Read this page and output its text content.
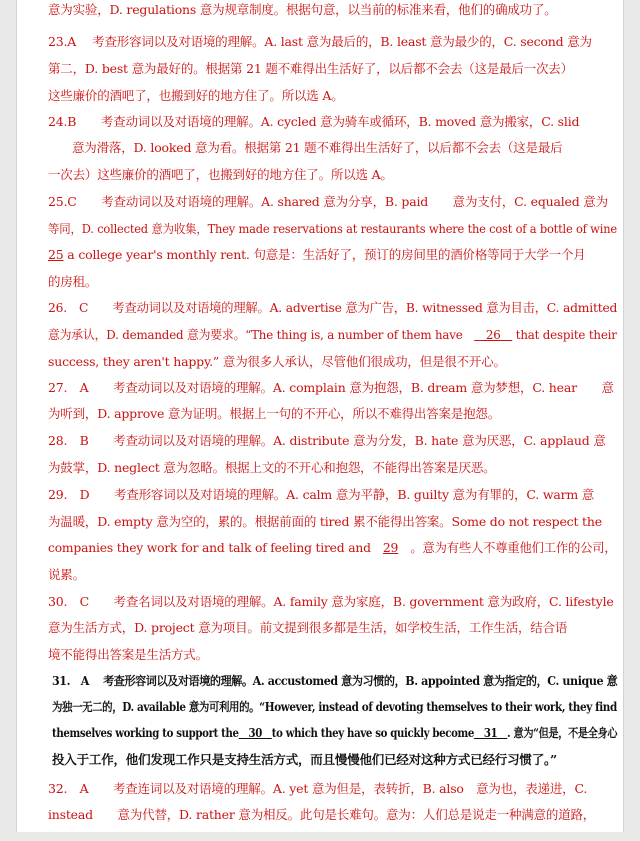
意为实验，D. regulations 意为规章制度。根据句意，以当前的标准来看，他们的确成功了。
23.A　 考查形容词以及对语境的理解。A. last 意为最后的，B. least 意为最少的，C. second 意为
第二，D. best 意为最好的。根据第 21 题不难得出生活好了，以后都不会去（这是最后一次去）
这些廉价的酒吧了，也搬到好的地方住了。所以选 A。
24.B　　考查动词以及对语境的理解。A. cycled 意为骑车或循环，B. moved 意为搬家，C. slid
意为滑落，D. looked 意为看。根据第 21 题不难得出生活好了，以后都不会去（这是最后
一次去）这些廉价的酒吧了，也搬到好的地方住了。所以选 A。
25.C　　考查动词以及对语境的理解。A. shared 意为分享，B. paid　　意为支付，C. equaled 意为
等同，D. collected 意为收集，They made reservations at restaurants where the cost of a bottle of wine
25 a college year's monthly rent. 句意是：生活好了，预订的房间里的酒价格等同于大学一个月
的房租。
26.　C　　考查动词以及对语境的理解。A. advertise 意为广告，B. witnessed 意为目击，C. admitted
意为承认，D. demanded 意为要求。“The thing is, a number of them have　　26　 that despite their
success, they aren't happy.” 意为很多人承认，尽管他们很成功，但是很不开心。
27.　A　　考查动词以及对语境的理解。A. complain 意为抱怨，B. dream 意为梦想，C. hear　　意
为听到，D. approve 意为证明。根据上一句的不开心，所以不难得出答案是抱怨。
28.　B　　考查动词以及对语境的理解。A. distribute 意为分发，B. hate 意为厌恶，C. applaud 意
为鼓掌，D. neglect 意为忽略。根据上文的不开心和抱怨，不能得出答案是厌恶。
29.　D　　考查形容词以及对语境的理解。A. calm 意为平静，B. guilty 意为有罪的，C. warm 意
为温暖，D. empty 意为空的，累的。根据前面的 tired 累不能得出答案。Some do not respect the
companies they work for and talk of feeling tired and　29　。意为有些人不尊重他们工作的公司，
说累。
30.　C　　考查名词以及对语境的理解。A. family 意为家庭，B. government 意为政府，C. lifestyle
意为生活方式，D. project 意为项目。前文提到很多都是生活，如学校生活，工作生活，结合语
境不能得出答案是生活方式。
31.　A　 考查形容词以及对语境的理解。A. accustomed 意为习惯的，B. appointed 意为指定的，C. unique 意
为独一无二的，D. available 意为可利用的。“However, instead of devoting themselves to their work, they find
themselves working to support the　30　to which they have so quickly become　31　. 意为“但是，不是全身心
投入于工作，他们发现工作只是支持生活方式，而且慢慢他们已经对这种方式已经行习惯了。”
32.　A　　考查连词以及对语境的理解。A. yet 意为但是，表转折，B. also　意为也，表递进，C.
instead　　意为代替，D. rather 意为相反。此句是长难句。意为：人们总是说走一种满意的道路，
